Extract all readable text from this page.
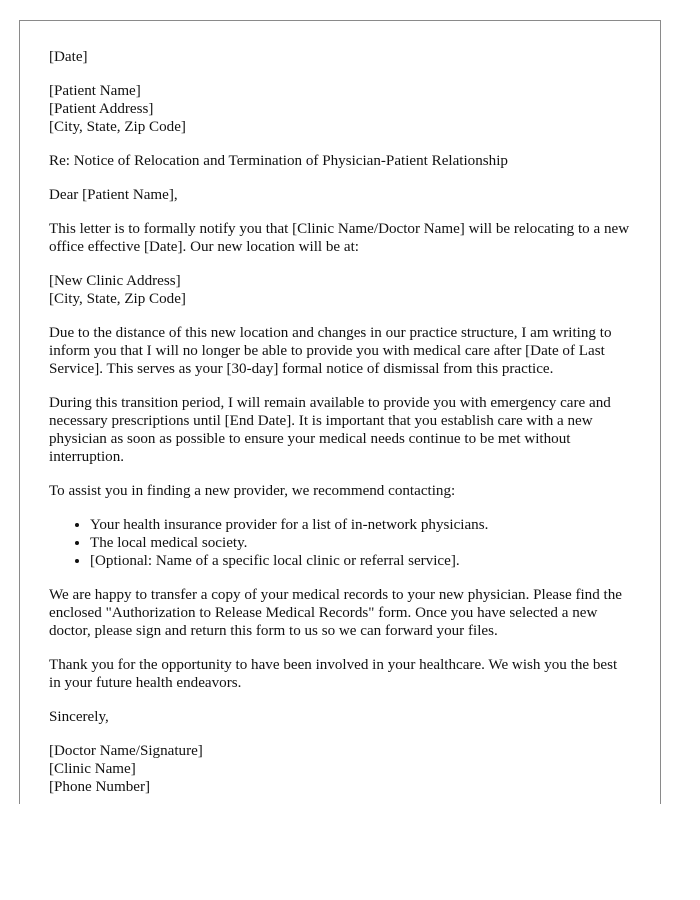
[Date]
[Patient Name]
[Patient Address]
[City, State, Zip Code]

Re: Notice of Relocation and Termination of Physician-Patient Relationship

Dear [Patient Name],

This letter is to formally notify you that [Clinic Name/Doctor Name] will be relocating to a new office effective [Date]. Our new location will be at:

[New Clinic Address]
[City, State, Zip Code]

Due to the distance of this new location and changes in our practice structure, I am writing to inform you that I will no longer be able to provide you with medical care after [Date of Last Service]. This serves as your [30-day] formal notice of dismissal from this practice.

During this transition period, I will remain available to provide you with emergency care and necessary prescriptions until [End Date]. It is important that you establish care with a new physician as soon as possible to ensure your medical needs continue to be met without interruption.

To assist you in finding a new provider, we recommend contacting:

• Your health insurance provider for a list of in-network physicians.
• The local medical society.
• [Optional: Name of a specific local clinic or referral service].

We are happy to transfer a copy of your medical records to your new physician. Please find the enclosed "Authorization to Release Medical Records" form. Once you have selected a new doctor, please sign and return this form to us so we can forward your files.

Thank you for the opportunity to have been involved in your healthcare. We wish you the best in your future health endeavors.

Sincerely,

[Doctor Name/Signature]
[Clinic Name]
[Phone Number]
